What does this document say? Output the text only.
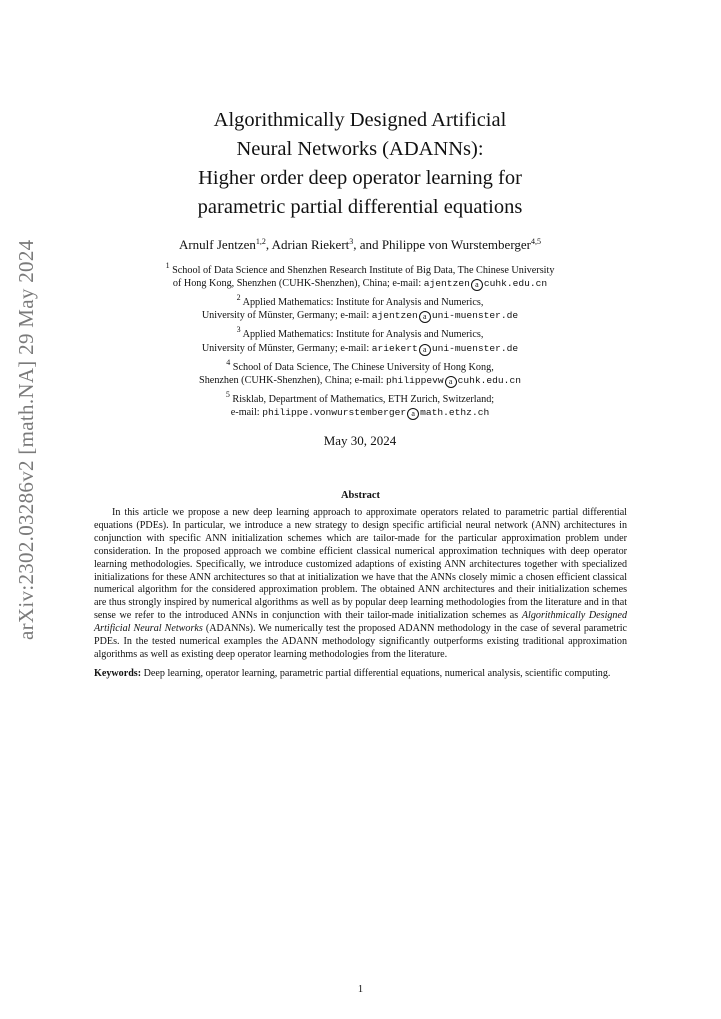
arXiv:2302.03286v2 [math.NA] 29 May 2024
Algorithmically Designed Artificial
Neural Networks (ADANNs):
Higher order deep operator learning for
parametric partial differential equations
Arnulf Jentzen$^{1,2}$, Adrian Riekert$^3$, and Philippe von Wurstemberger$^{4,5}$
$^1$ School of Data Science and Shenzhen Research Institute of Big Data, The Chinese University
of Hong Kong, Shenzhen (CUHK-Shenzhen), China; e-mail: ajentzen a cuhk.edu.cn
$^2$ Applied Mathematics: Institute for Analysis and Numerics,
University of Münster, Germany; e-mail: ajentzen a uni-muenster.de
$^3$ Applied Mathematics: Institute for Analysis and Numerics,
University of Münster, Germany; e-mail: ariekert a uni-muenster.de
$^4$ School of Data Science, The Chinese University of Hong Kong,
Shenzhen (CUHK-Shenzhen), China; e-mail: philippevw a cuhk.edu.cn
$^5$ Risklab, Department of Mathematics, ETH Zurich, Switzerland;
e-mail: philippe.vonwurstemberger a math.ethz.ch
May 30, 2024
Abstract
In this article we propose a new deep learning approach to approximate operators related to parametric partial differential equations (PDEs). In particular, we introduce a new strategy to design specific artificial neural network (ANN) architectures in conjunction with specific ANN initialization schemes which are tailor-made for the particular approximation problem under consideration. In the proposed approach we combine efficient classical numerical approximation techniques with deep operator learning methodologies. Specifically, we introduce customized adaptions of existing ANN architectures together with specialized initializations for these ANN architectures so that at initialization we have that the ANNs closely mimic a chosen efficient classical numerical algorithm for the considered approximation problem. The obtained ANN architectures and their initialization schemes are thus strongly inspired by numerical algorithms as well as by popular deep learning methodologies from the literature and in that sense we refer to the introduced ANNs in conjunction with their tailor-made initialization schemes as Algorithmically Designed Artificial Neural Networks (ADANNs). We numerically test the proposed ADANN methodology in the case of several parametric PDEs. In the tested numerical examples the ADANN methodology significantly outperforms existing traditional approximation algorithms as well as existing deep operator learning methodologies from the literature.
Keywords: Deep learning, operator learning, parametric partial differential equations, numerical analysis, scientific computing.
1
